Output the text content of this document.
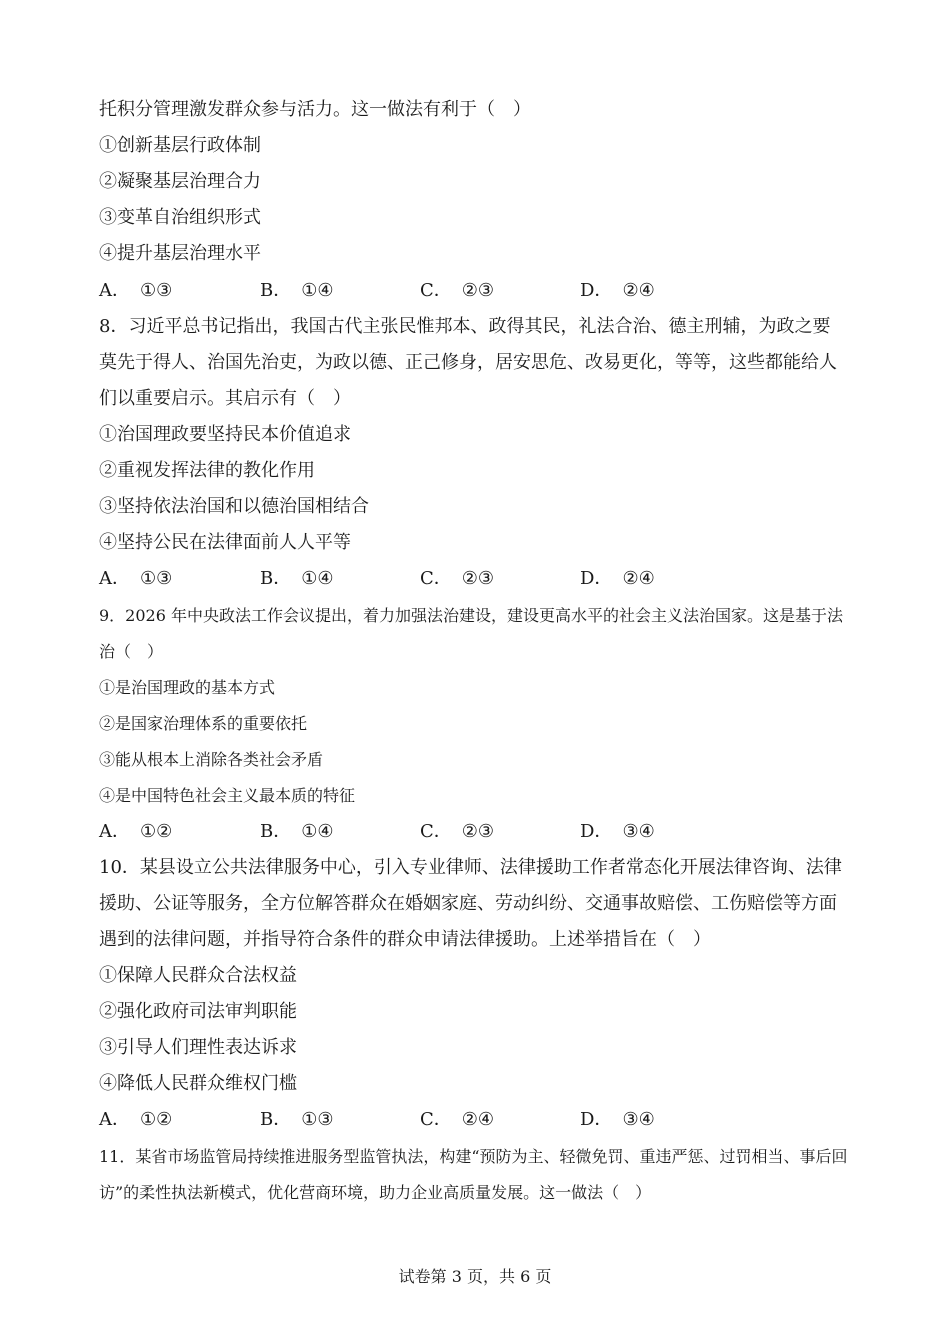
托积分管理激发群众参与活力。这一做法有利于（　）
①创新基层行政体制
②凝聚基层治理合力
③变革自治组织形式
④提升基层治理水平
A． ①③	B． ①④	C． ②③	D． ②④
8．习近平总书记指出，我国古代主张民惟邦本、政得其民，礼法合治、德主刑辅，为政之要
莫先于得人、治国先治吏，为政以德、正己修身，居安思危、改易更化，等等，这些都能给人
们以重要启示。其启示有（　）
①治国理政要坚持民本价值追求
②重视发挥法律的教化作用
③坚持依法治国和以德治国相结合
④坚持公民在法律面前人人平等
A． ①③	B． ①④	C． ②③	D． ②④
9．2026 年中央政法工作会议提出，着力加强法治建设，建设更高水平的社会主义法治国家。这是基于法
治（　）
①是治国理政的基本方式
②是国家治理体系的重要依托
③能从根本上消除各类社会矛盾
④是中国特色社会主义最本质的特征
A． ①②	B． ①④	C． ②③	D． ③④
10．某县设立公共法律服务中心，引入专业律师、法律援助工作者常态化开展法律咨询、法律
援助、公证等服务，全方位解答群众在婚姻家庭、劳动纠纷、交通事故赔偿、工伤赔偿等方面
遇到的法律问题，并指导符合条件的群众申请法律援助。上述举措旨在（　）
①保障人民群众合法权益
②强化政府司法审判职能
③引导人们理性表达诉求
④降低人民群众维权门槛
A． ①②	B． ①③	C． ②④	D． ③④
11．某省市场监管局持续推进服务型监管执法，构建“预防为主、轻微免罚、重违严惩、过罚相当、事后回
访”的柔性执法新模式，优化营商环境，助力企业高质量发展。这一做法（　）
试卷第 3 页，共 6 页
